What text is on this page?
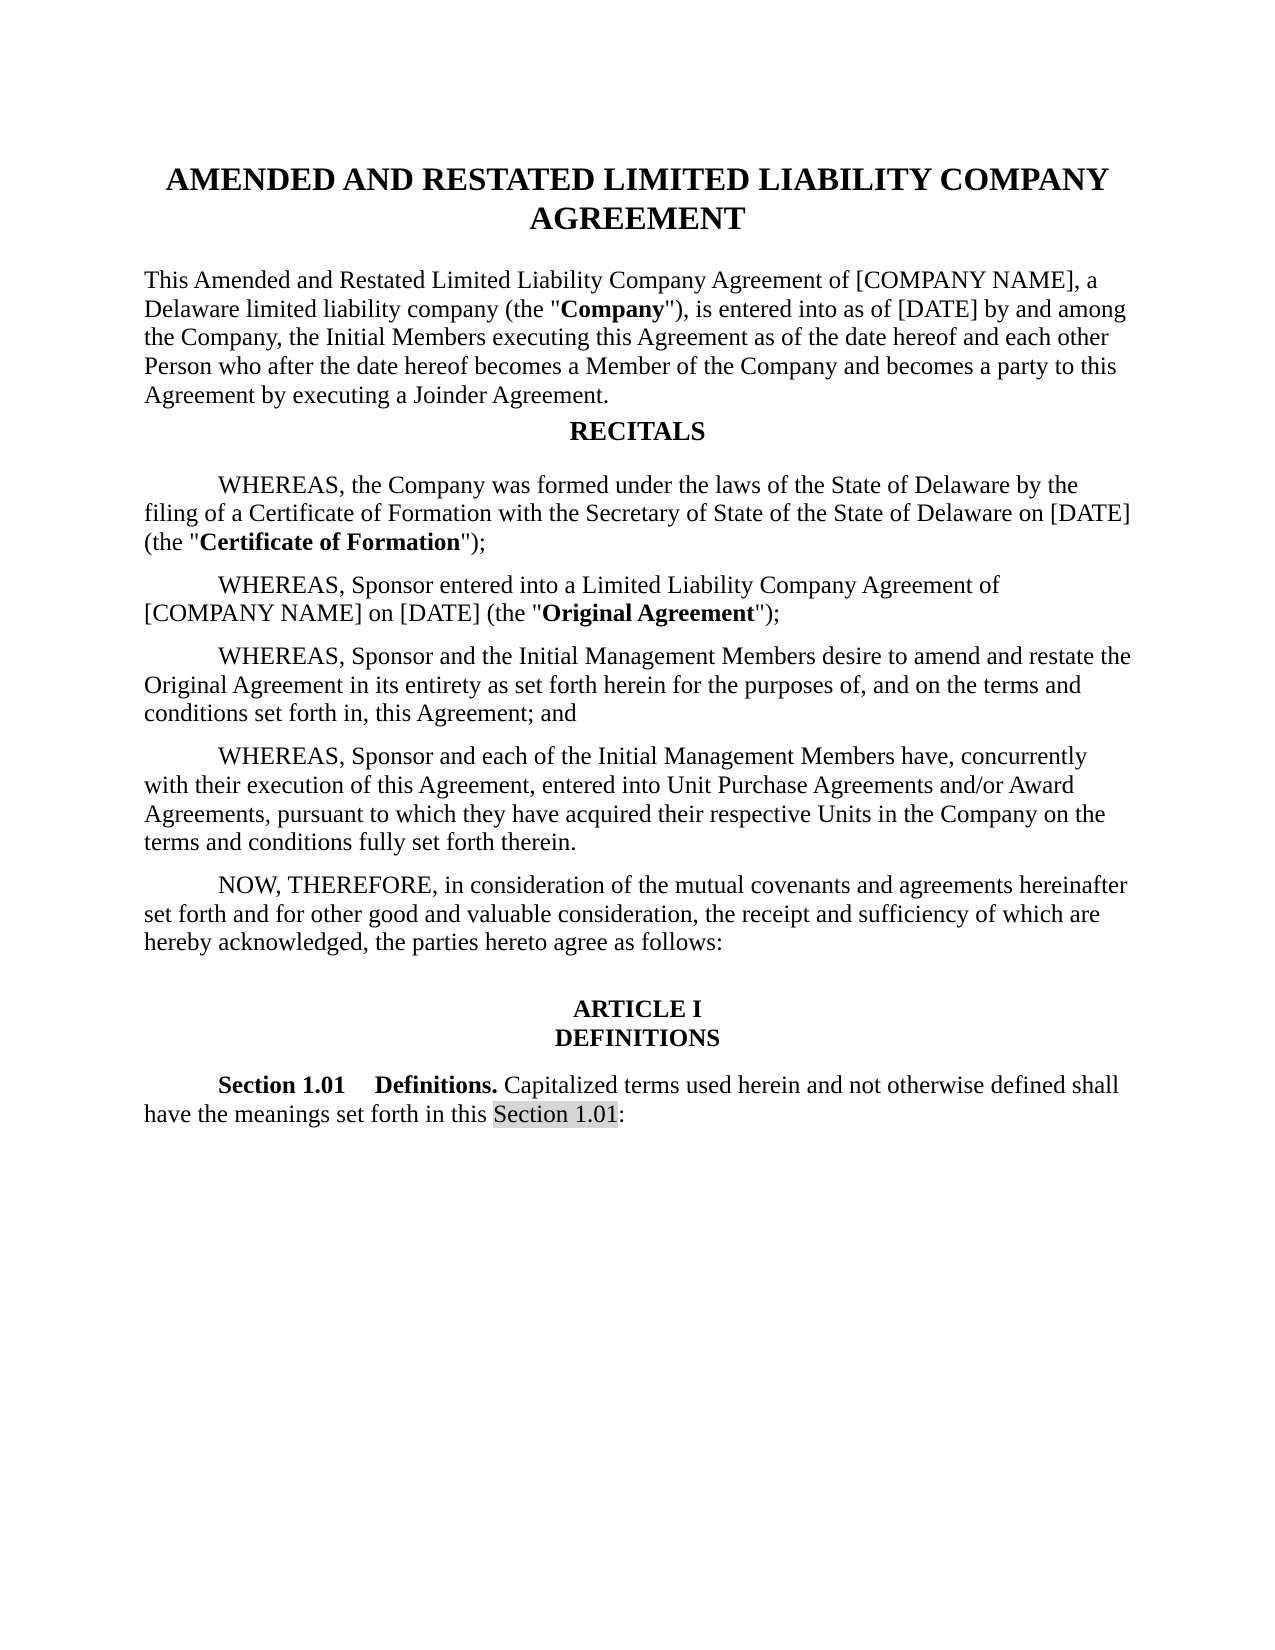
AMENDED AND RESTATED LIMITED LIABILITY COMPANY AGREEMENT

This Amended and Restated Limited Liability Company Agreement of [COMPANY NAME], a Delaware limited liability company (the "Company"), is entered into as of [DATE] by and among the Company, the Initial Members executing this Agreement as of the date hereof and each other Person who after the date hereof becomes a Member of the Company and becomes a party to this Agreement by executing a Joinder Agreement.

RECITALS

WHEREAS, the Company was formed under the laws of the State of Delaware by the filing of a Certificate of Formation with the Secretary of State of the State of Delaware on [DATE] (the "Certificate of Formation");

WHEREAS, Sponsor entered into a Limited Liability Company Agreement of [COMPANY NAME] on [DATE] (the "Original Agreement");

WHEREAS, Sponsor and the Initial Management Members desire to amend and restate the Original Agreement in its entirety as set forth herein for the purposes of, and on the terms and conditions set forth in, this Agreement; and

WHEREAS, Sponsor and each of the Initial Management Members have, concurrently with their execution of this Agreement, entered into Unit Purchase Agreements and/or Award Agreements, pursuant to which they have acquired their respective Units in the Company on the terms and conditions fully set forth therein.

NOW, THEREFORE, in consideration of the mutual covenants and agreements hereinafter set forth and for other good and valuable consideration, the receipt and sufficiency of which are hereby acknowledged, the parties hereto agree as follows:

ARTICLE I
DEFINITIONS

Section 1.01 Definitions. Capitalized terms used herein and not otherwise defined shall have the meanings set forth in this Section 1.01:
